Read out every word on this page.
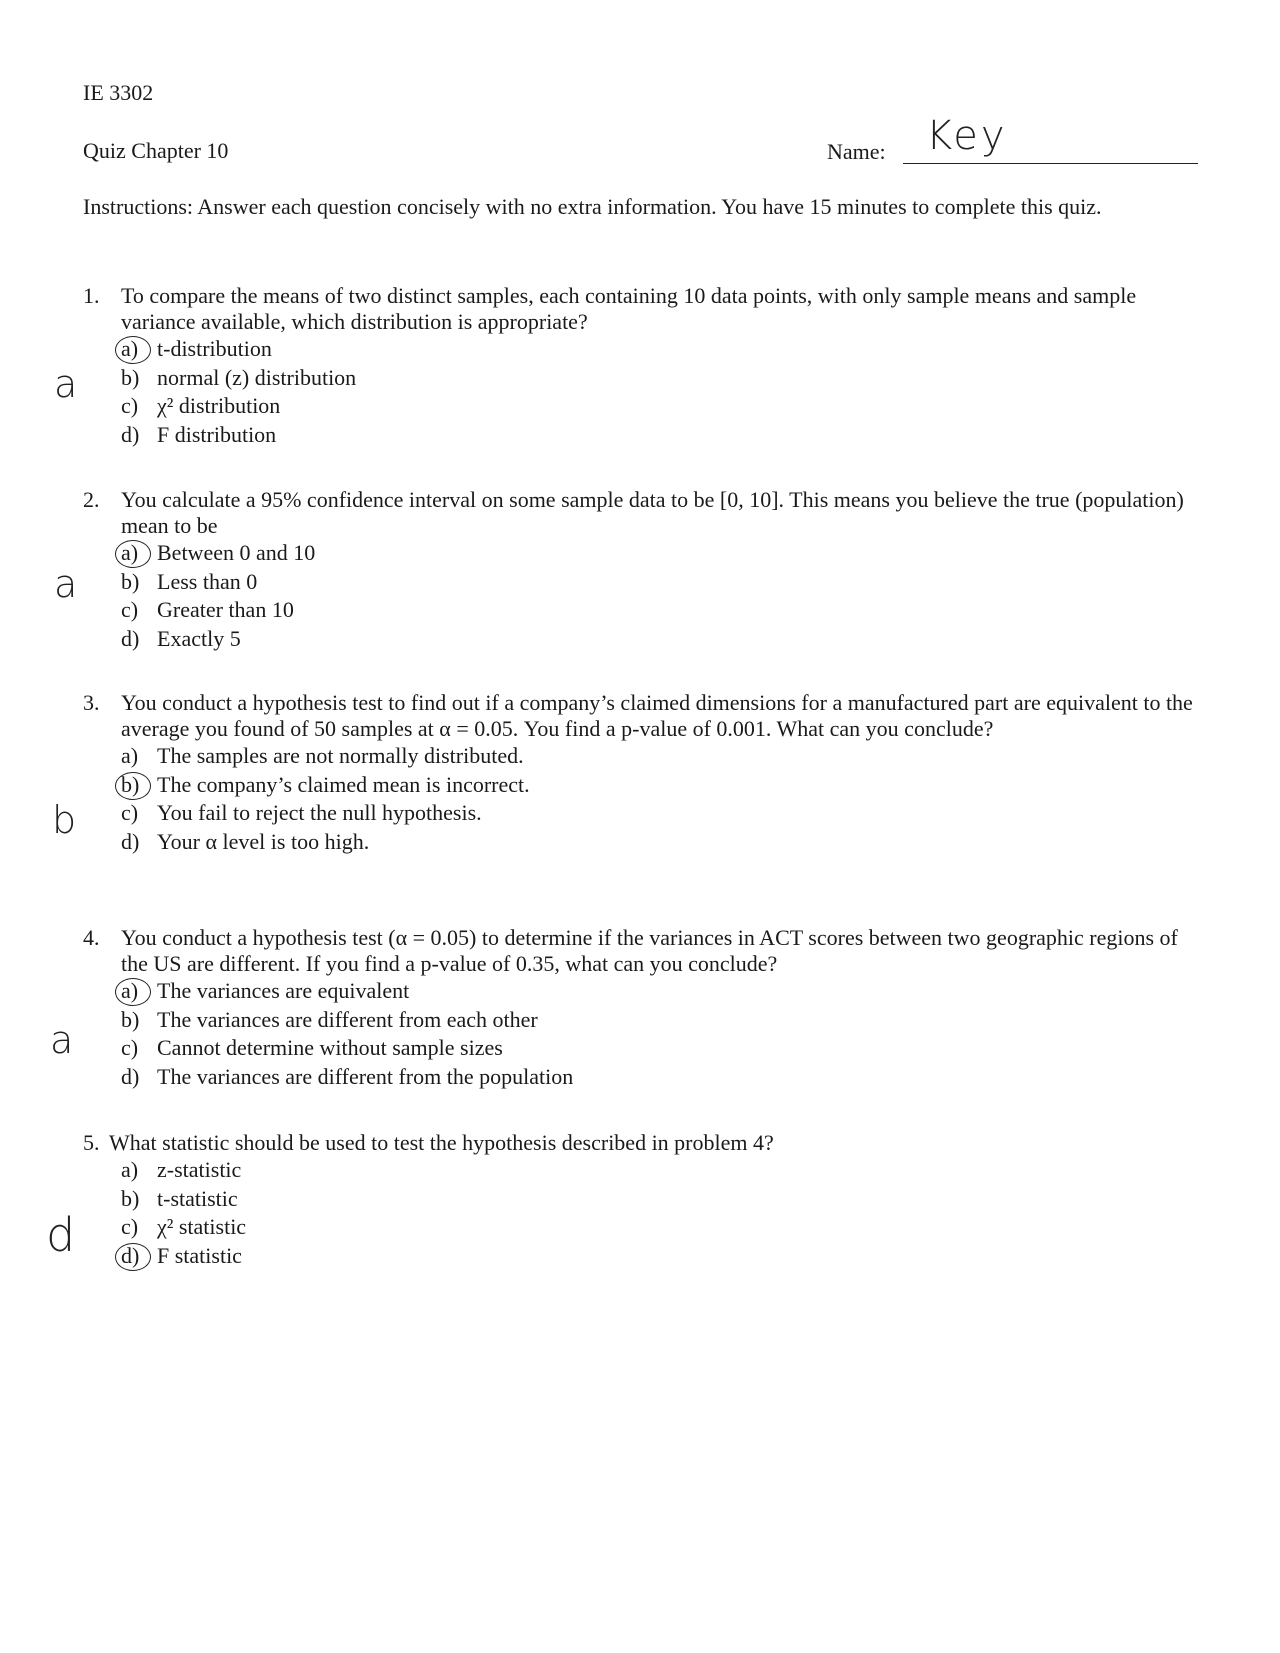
IE 3302
Quiz Chapter 10	Name: Key
Instructions: Answer each question concisely with no extra information. You have 15 minutes to complete this quiz.
1. To compare the means of two distinct samples, each containing 10 data points, with only sample means and sample variance available, which distribution is appropriate?
a) t-distribution
b) normal (z) distribution
c) χ² distribution
d) F distribution
a
2. You calculate a 95% confidence interval on some sample data to be [0, 10]. This means you believe the true (population) mean to be
a) Between 0 and 10
b) Less than 0
c) Greater than 10
d) Exactly 5
a
3. You conduct a hypothesis test to find out if a company’s claimed dimensions for a manufactured part are equivalent to the average you found of 50 samples at α = 0.05. You find a p-value of 0.001. What can you conclude?
a) The samples are not normally distributed.
b) The company’s claimed mean is incorrect.
c) You fail to reject the null hypothesis.
d) Your α level is too high.
b
4. You conduct a hypothesis test (α = 0.05) to determine if the variances in ACT scores between two geographic regions of the US are different. If you find a p-value of 0.35, what can you conclude?
a) The variances are equivalent
b) The variances are different from each other
c) Cannot determine without sample sizes
d) The variances are different from the population
a
5. What statistic should be used to test the hypothesis described in problem 4?
a) z-statistic
b) t-statistic
c) χ² statistic
d) F statistic
d
